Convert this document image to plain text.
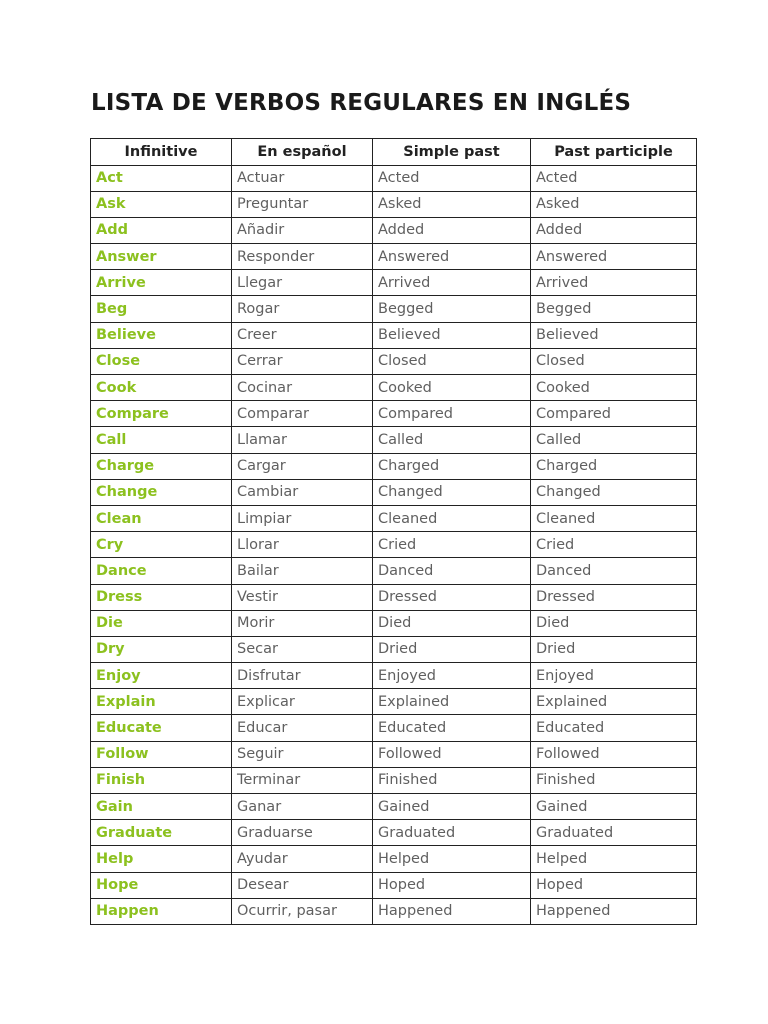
LISTA DE VERBOS REGULARES EN INGLÉS
Infinitive	En español	Simple past	Past participle
Act	Actuar	Acted	Acted
Ask	Preguntar	Asked	Asked
Add	Añadir	Added	Added
Answer	Responder	Answered	Answered
Arrive	Llegar	Arrived	Arrived
Beg	Rogar	Begged	Begged
Believe	Creer	Believed	Believed
Close	Cerrar	Closed	Closed
Cook	Cocinar	Cooked	Cooked
Compare	Comparar	Compared	Compared
Call	Llamar	Called	Called
Charge	Cargar	Charged	Charged
Change	Cambiar	Changed	Changed
Clean	Limpiar	Cleaned	Cleaned
Cry	Llorar	Cried	Cried
Dance	Bailar	Danced	Danced
Dress	Vestir	Dressed	Dressed
Die	Morir	Died	Died
Dry	Secar	Dried	Dried
Enjoy	Disfrutar	Enjoyed	Enjoyed
Explain	Explicar	Explained	Explained
Educate	Educar	Educated	Educated
Follow	Seguir	Followed	Followed
Finish	Terminar	Finished	Finished
Gain	Ganar	Gained	Gained
Graduate	Graduarse	Graduated	Graduated
Help	Ayudar	Helped	Helped
Hope	Desear	Hoped	Hoped
Happen	Ocurrir, pasar	Happened	Happened
